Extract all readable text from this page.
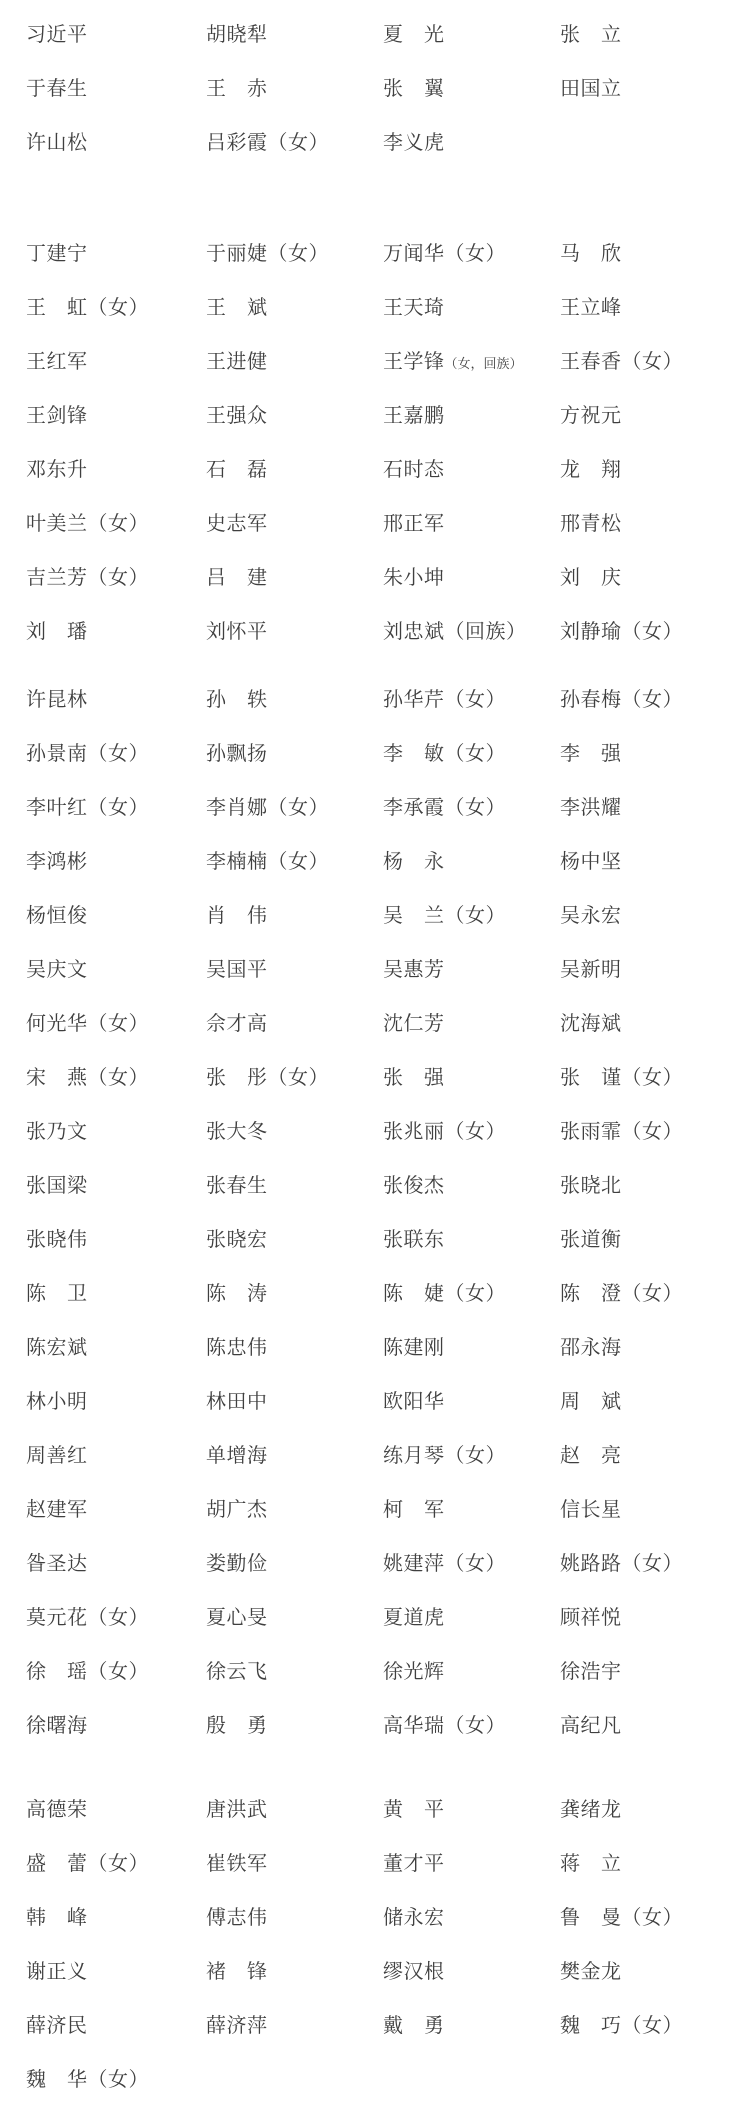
习近平	胡晓犁	夏　光	张　立
于春生	王　赤	张　翼	田国立
许山松	吕彩霞（女）	李义虎
丁建宁	于丽婕（女）	万闻华（女）	马　欣
王　虹（女）	王　斌	王天琦	王立峰
王红军	王进健	王学锋（女，回族）	王春香（女）
王剑锋	王强众	王嘉鹏	方祝元
邓东升	石　磊	石时态	龙　翔
叶美兰（女）	史志军	邢正军	邢青松
吉兰芳（女）	吕　建	朱小坤	刘　庆
刘　璠	刘怀平	刘忠斌（回族）	刘静瑜（女）
许昆林	孙　轶	孙华芹（女）	孙春梅（女）
孙景南（女）	孙飘扬	李　敏（女）	李　强
李叶红（女）	李肖娜（女）	李承霞（女）	李洪耀
李鸿彬	李楠楠（女）	杨　永	杨中坚
杨恒俊	肖　伟	吴　兰（女）	吴永宏
吴庆文	吴国平	吴惠芳	吴新明
何光华（女）	佘才高	沈仁芳	沈海斌
宋　燕（女）	张　彤（女）	张　强	张　谨（女）
张乃文	张大冬	张兆丽（女）	张雨霏（女）
张国梁	张春生	张俊杰	张晓北
张晓伟	张晓宏	张联东	张道衡
陈　卫	陈　涛	陈　婕（女）	陈　澄（女）
陈宏斌	陈忠伟	陈建刚	邵永海
林小明	林田中	欧阳华	周　斌
周善红	单增海	练月琴（女）	赵　亮
赵建军	胡广杰	柯　军	信长星
昝圣达	娄勤俭	姚建萍（女）	姚路路（女）
莫元花（女）	夏心旻	夏道虎	顾祥悦
徐　瑶（女）	徐云飞	徐光辉	徐浩宇
徐曙海	殷　勇	高华瑞（女）	高纪凡
高德荣	唐洪武	黄　平	龚绪龙
盛　蕾（女）	崔铁军	董才平	蒋　立
韩　峰	傅志伟	储永宏	鲁　曼（女）
谢正义	褚　锋	缪汉根	樊金龙
薛济民	薛济萍	戴　勇	魏　巧（女）
魏　华（女）
